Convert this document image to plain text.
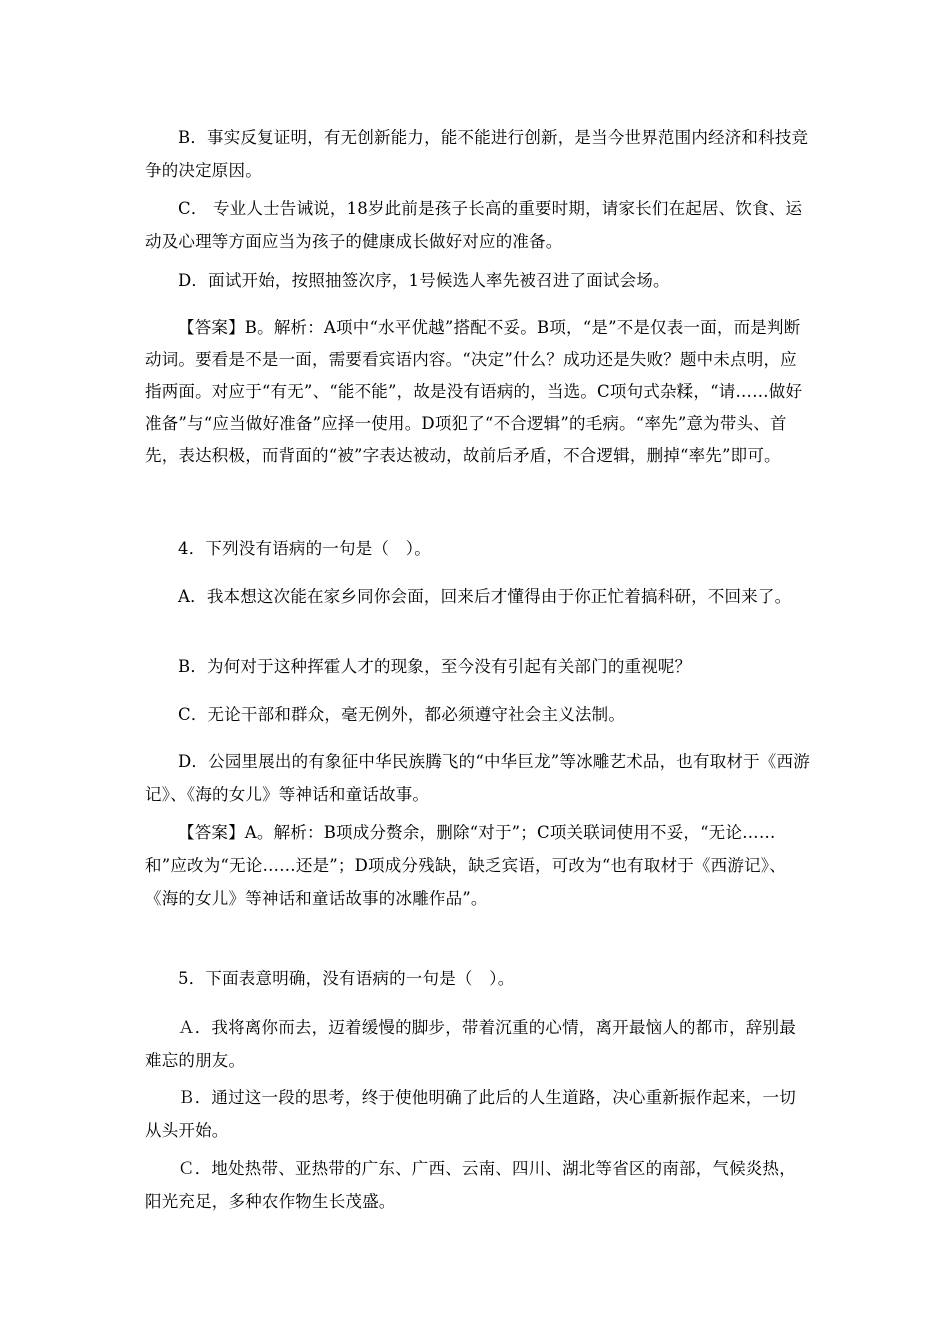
B．事实反复证明，有无创新能力，能不能进行创新，是当今世界范围内经济和科技竞争的决定原因。

C． 专业人士告诫说，18岁此前是孩子长高的重要时期，请家长们在起居、饮食、运动及心理等方面应当为孩子的健康成长做好对应的准备。

D．面试开始，按照抽签次序，1号候选人率先被召进了面试会场。

【答案】B。解析：A项中“水平优越”搭配不妥。B项，“是”不是仅表一面，而是判断动词。要看是不是一面，需要看宾语内容。“决定”什么？成功还是失败？题中未点明，应指两面。对应于“有无”、“能不能”，故是没有语病的，当选。C项句式杂糅，“请……做好准备”与“应当做好准备”应择一使用。D项犯了“不合逻辑”的毛病。“率先”意为带头、首先，表达积极，而背面的“被”字表达被动，故前后矛盾，不合逻辑，删掉“率先”即可。

4．下列没有语病的一句是（　）。

A．我本想这次能在家乡同你会面，回来后才懂得由于你正忙着搞科研，不回来了。

B．为何对于这种挥霍人才的现象，至今没有引起有关部门的重视呢？

C．无论干部和群众，毫无例外，都必须遵守社会主义法制。

D．公园里展出的有象征中华民族腾飞的“中华巨龙”等冰雕艺术品，也有取材于《西游记》、《海的女儿》等神话和童话故事。

【答案】A。解析：B项成分赘余，删除“对于”；C项关联词使用不妥，“无论……和”应改为“无论……还是”；D项成分残缺，缺乏宾语，可改为“也有取材于《西游记》、《海的女儿》等神话和童话故事的冰雕作品”。

5．下面表意明确，没有语病的一句是（　）。

Ａ．我将离你而去，迈着缓慢的脚步，带着沉重的心情，离开最恼人的都市，辞别最难忘的朋友。

Ｂ．通过这一段的思考，终于使他明确了此后的人生道路，决心重新振作起来，一切从头开始。

Ｃ．地处热带、亚热带的广东、广西、云南、四川、湖北等省区的南部，气候炎热，阳光充足，多种农作物生长茂盛。
